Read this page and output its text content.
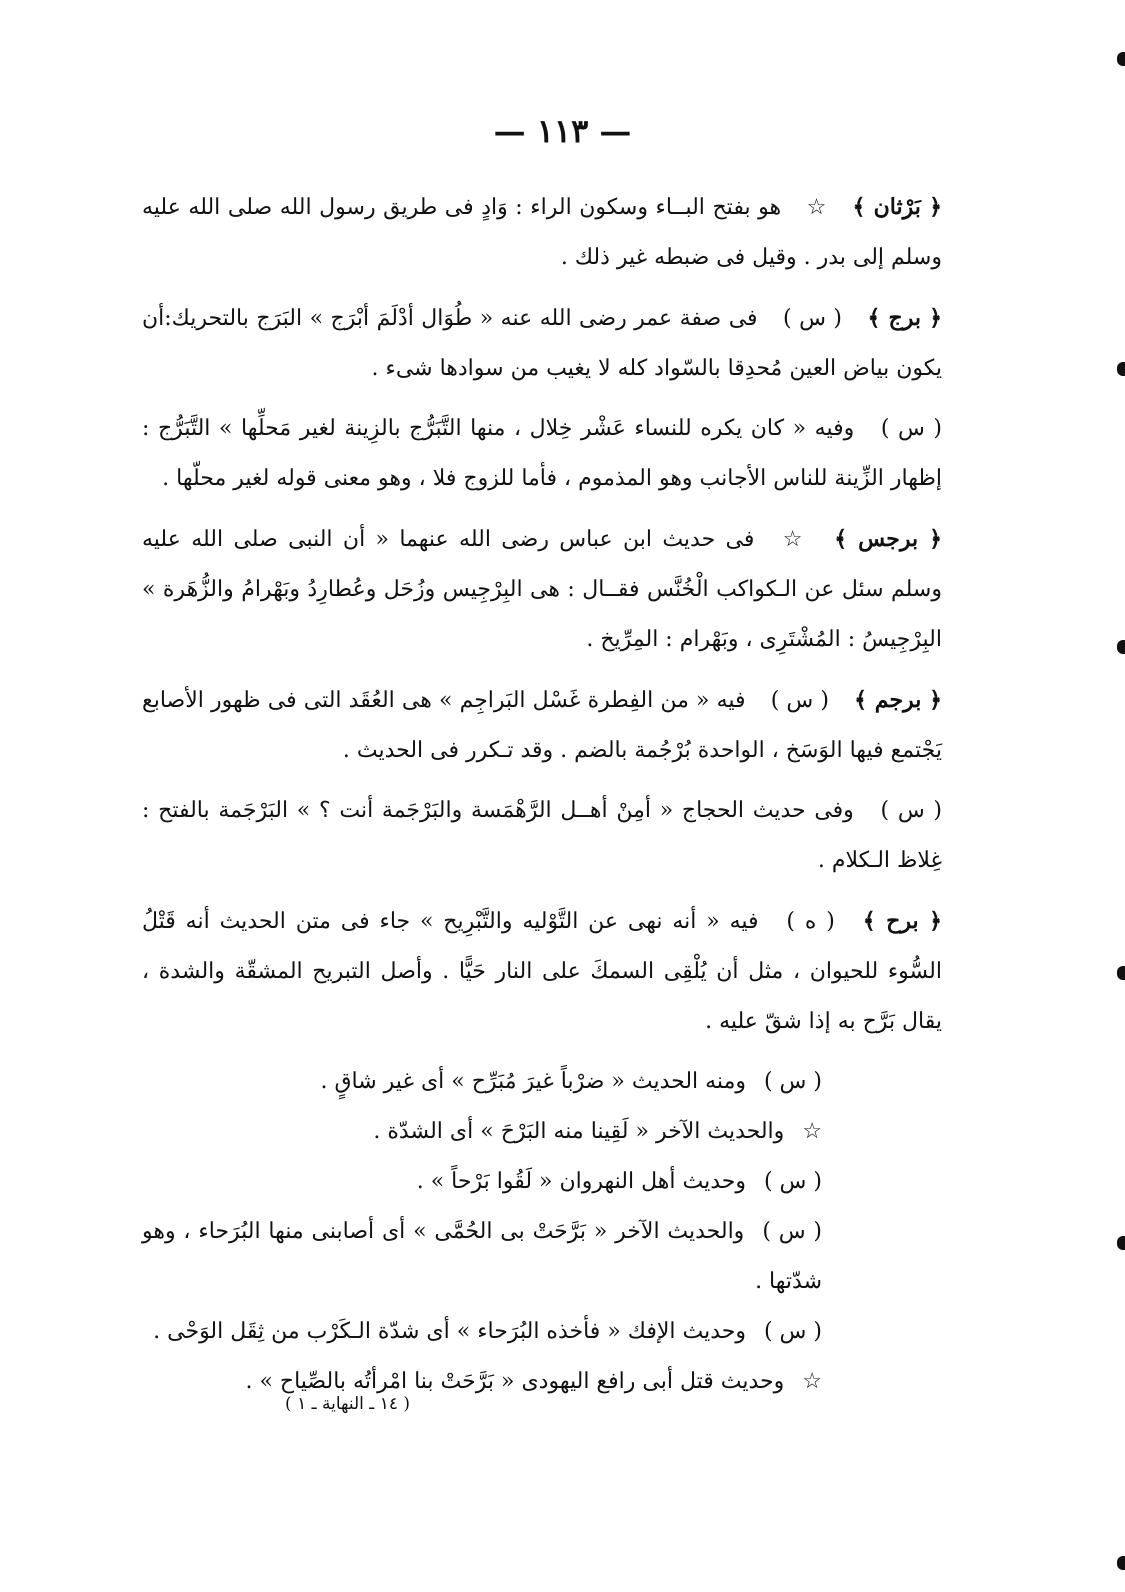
— ١١٣ —

﴿ بَرْثان ﴾ ☆ هو بفتح البــاء وسكون الراء : وَادٍ فى طريق رسول الله صلى الله عليه وسلم إلى بدر . وقيل فى ضبطه غير ذلك .

﴿ برج ﴾ ( س ) فى صفة عمر رضى الله عنه « طُوَال أدْلَمَ أبْرَج » البَرَج بالتحريك:أن يكون بياض العين مُحدِقا بالسّواد كله لا يغيب من سوادها شىء .

( س ) وفيه « كان يكره للنساء عَشْر خِلال ، منها التَّبَرُّج بالزِينة لغير مَحلِّها » التَّبَرُّج : إظهار الزِّينة للناس الأجانب وهو المذموم ، فأما للزوج فلا ، وهو معنى قوله لغير محلّها .

﴿ برجس ﴾ ☆ فى حديث ابن عباس رضى الله عنهما « أن النبى صلى الله عليه وسلم سئل عن الـكواكب الْخُنَّس فقــال : هى البِرْجِيس وزُحَل وعُطارِدُ وبَهْرامُ والزُّهَرة » البِرْجِيسُ : المُشْتَرِى ، وبَهْرام : المِرِّيخ .

﴿ برجم ﴾ ( س ) فيه « من الفِطرة غَسْل البَراجِم » هى العُقَد التى فى ظهور الأصابع يَجْتمع فيها الوَسَخ ، الواحدة بُرْجُمة بالضم . وقد تـكرر فى الحديث .

( س ) وفى حديث الحجاج « أمِنْ أهــل الرَّهْمَسة والبَرْجَمة أنت ؟ » البَرْجَمة بالفتح : غِلاظ الـكلام .

﴿ برح ﴾ ( ه ) فيه « أنه نهى عن التَّوْليه والتَّبْرِيح » جاء فى متن الحديث أنه قَتْلُ السُّوء للحيوان ، مثل أن يُلْقِى السمكَ على النار حَيًّا . وأصل التبريح المشقّة والشدة ، يقال بَرَّح به إذا شقّ عليه .

( س )ومنه الحديث « ضرْباً غيرَ مُبَرِّح » أى غير شاقٍ .
☆والحديث الآخر « لَقِينا منه البَرْحَ » أى الشدّة .
( س )وحديث أهل النهروان « لَقُوا بَرْحاً » .
( س )والحديث الآخر « بَرَّحَتْ بى الحُمَّى » أى أصابنى منها البُرَحاء ، وهو شدّتها .
( س )وحديث الإفك « فأخذه البُرَحاء » أى شدّة الـكَرْب من ثِقَل الوَحْى .
☆وحديث قتل أبى رافع اليهودى « بَرَّحَتْ بنا امْرأتُه بالصِّياح » .
( ١٤ ـ النهاية ـ ١ )
